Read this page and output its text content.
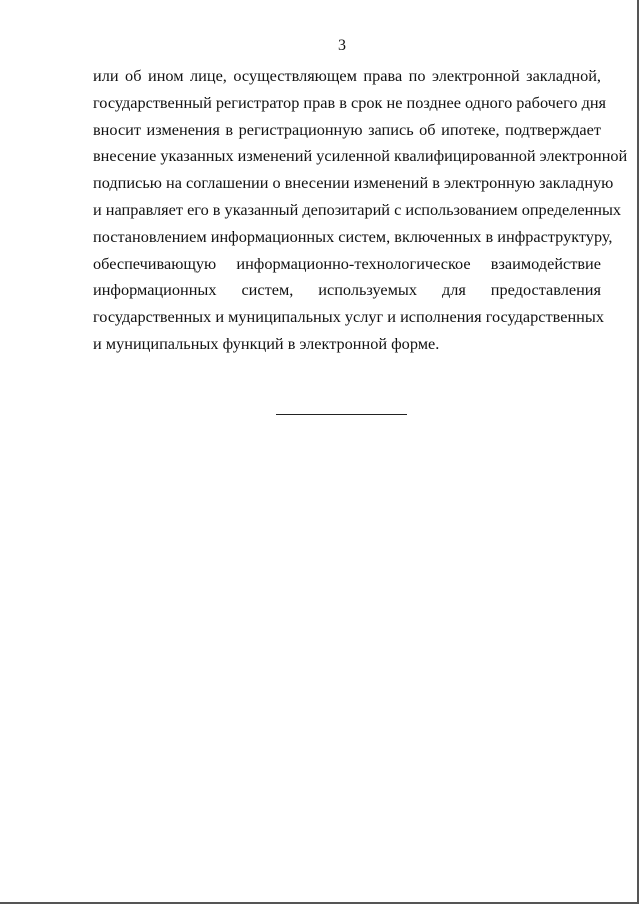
3
или об ином лице, осуществляющем права по электронной закладной,
государственный регистратор прав в срок не позднее одного рабочего дня
вносит изменения в регистрационную запись об ипотеке, подтверждает
внесение указанных изменений усиленной квалифицированной электронной
подписью на соглашении о внесении изменений в электронную закладную
и направляет его в указанный депозитарий с использованием определенных
постановлением информационных систем, включенных в инфраструктуру,
обеспечивающую информационно-технологическое взаимодействие
информационных систем, используемых для предоставления
государственных и муниципальных услуг и исполнения государственных
и муниципальных функций в электронной форме.
